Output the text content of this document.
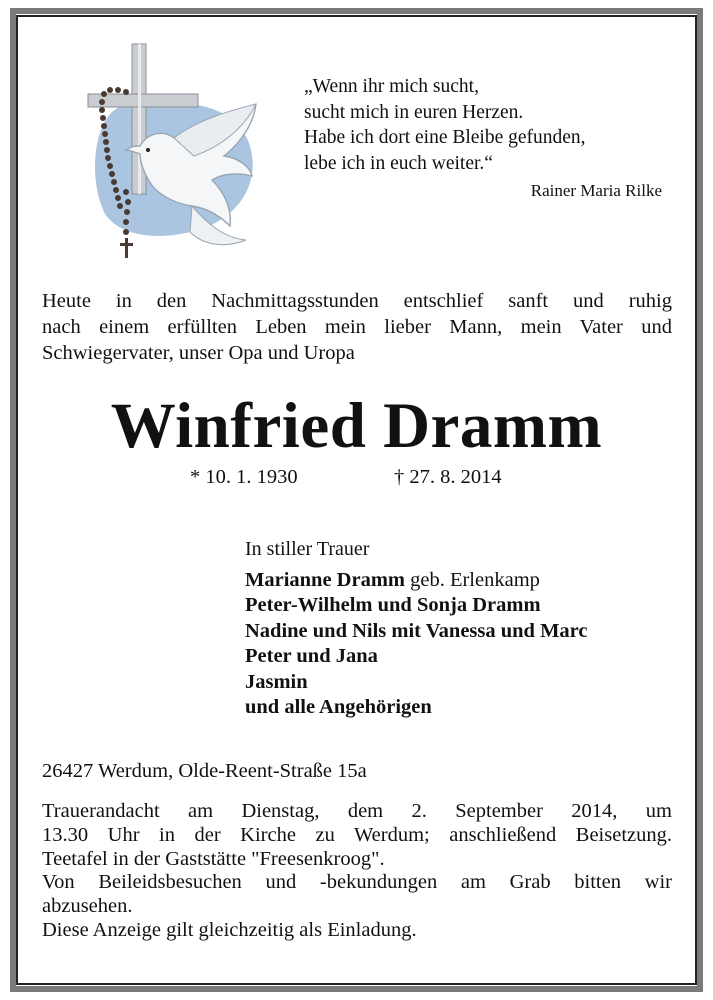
„Wenn ihr mich sucht,
sucht mich in euren Herzen.
Habe ich dort eine Bleibe gefunden,
lebe ich in euch weiter.“
Rainer Maria Rilke
Heute in den Nachmittagsstunden entschlief sanft und ruhig
nach einem erfüllten Leben mein lieber Mann, mein Vater und
Schwiegervater, unser Opa und Uropa
Winfried Dramm
* 10. 1. 1930	† 27. 8. 2014
In stiller Trauer
Marianne Dramm geb. Erlenkamp
Peter-Wilhelm und Sonja Dramm
Nadine und Nils mit Vanessa und Marc
Peter und Jana
Jasmin
und alle Angehörigen
26427 Werdum, Olde-Reent-Straße 15a
Trauerandacht am Dienstag, dem 2. September 2014, um
13.30 Uhr in der Kirche zu Werdum; anschließend Beisetzung.
Teetafel in der Gaststätte "Freesenkroog".
Von Beileidsbesuchen und -bekundungen am Grab bitten wir
abzusehen.
Diese Anzeige gilt gleichzeitig als Einladung.
